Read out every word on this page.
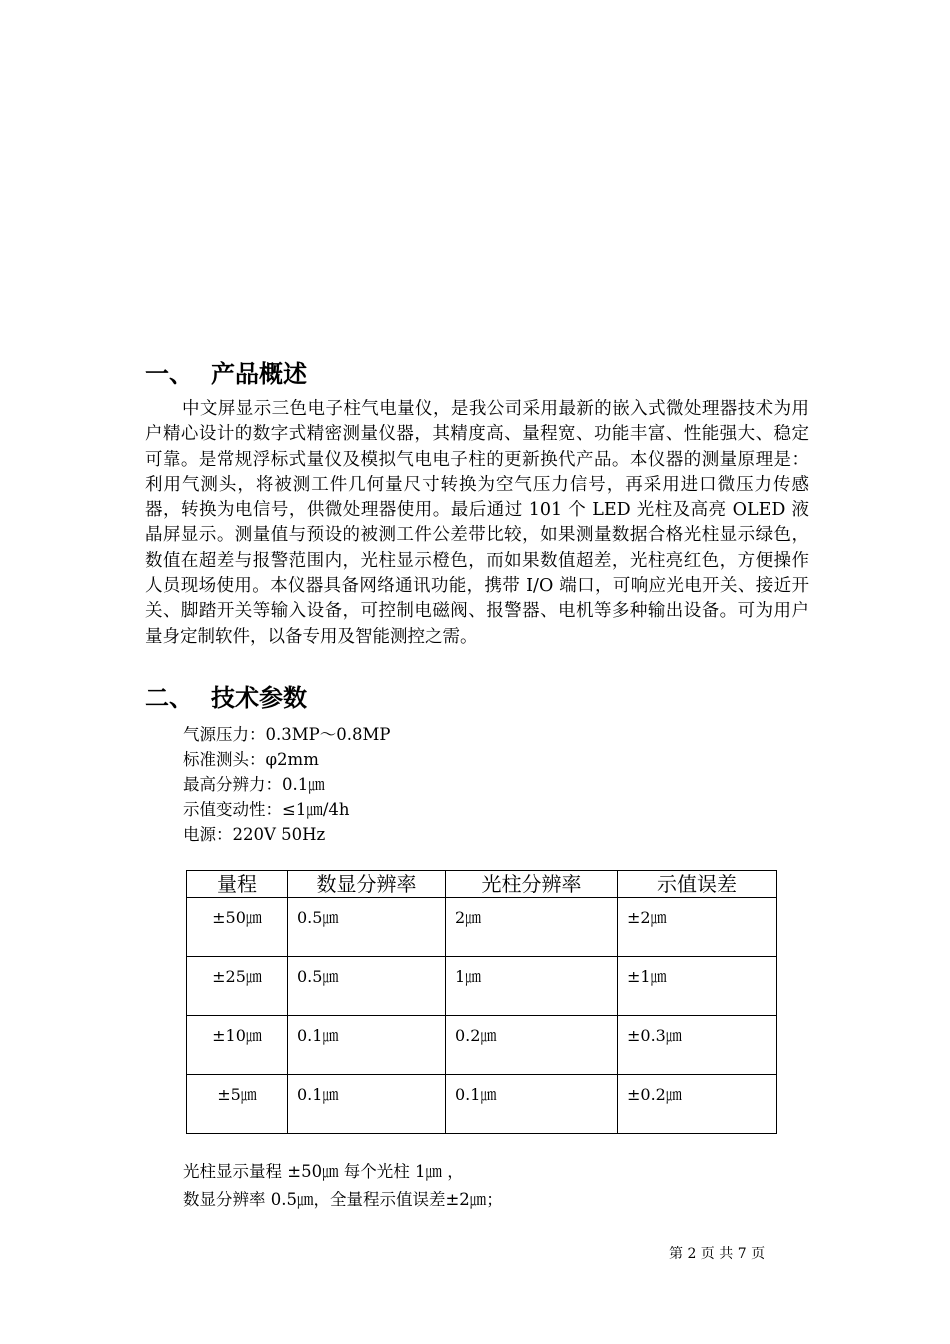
一、 产品概述

中文屏显示三色电子柱气电量仪，是我公司采用最新的嵌入式微处理器技术为用户精心设计的数字式精密测量仪器，其精度高、量程宽、功能丰富、性能强大、稳定可靠。是常规浮标式量仪及模拟气电电子柱的更新换代产品。本仪器的测量原理是：利用气测头，将被测工件几何量尺寸转换为空气压力信号，再采用进口微压力传感器，转换为电信号，供微处理器使用。最后通过 101 个 LED 光柱及高亮 OLED 液晶屏显示。测量值与预设的被测工件公差带比较，如果测量数据合格光柱显示绿色，数值在超差与报警范围内，光柱显示橙色，而如果数值超差，光柱亮红色，方便操作人员现场使用。本仪器具备网络通讯功能，携带 I/O 端口，可响应光电开关、接近开关、脚踏开关等输入设备，可控制电磁阀、报警器、电机等多种输出设备。可为用户量身定制软件，以备专用及智能测控之需。

二、 技术参数
气源压力：0.3MP～0.8MP
标准测头：φ2mm
最高分辨力：0.1㎛
示值变动性：≤1㎛/4h
电源：220V 50Hz
量程	数显分辨率	光柱分辨率	示值误差
±50㎛	0.5㎛	2㎛	±2㎛
±25㎛	0.5㎛	1㎛	±1㎛
±10㎛	0.1㎛	0.2㎛	±0.3㎛
±5㎛	0.1㎛	0.1㎛	±0.2㎛
光柱显示量程 ±50㎛ 每个光柱 1㎛ ，
数显分辨率 0.5㎛，全量程示值误差±2㎛；
第 2 页 共 7 页
